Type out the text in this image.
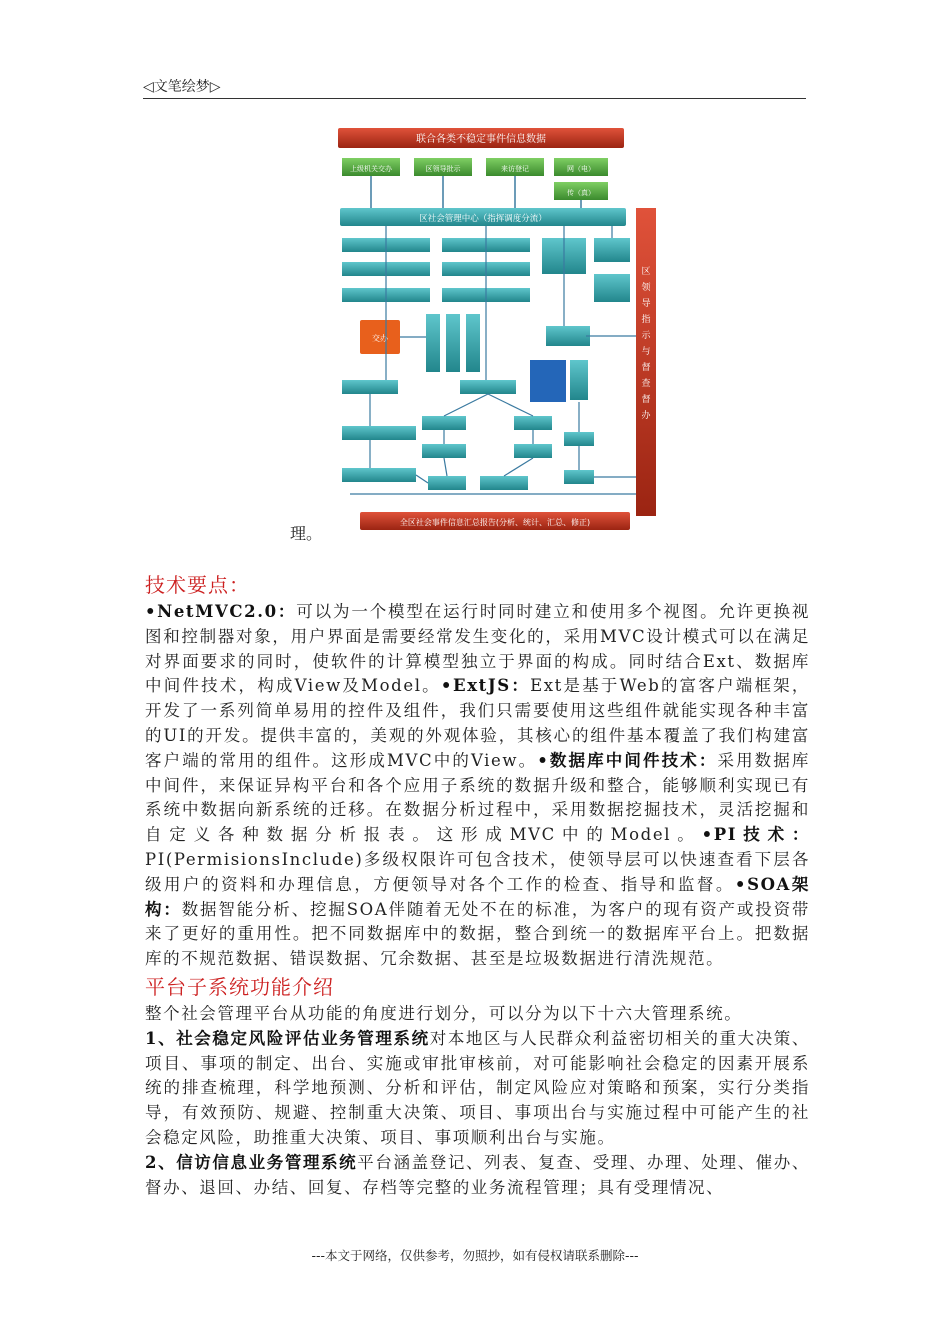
◁文笔绘梦▷
理。
联合各类不稳定事件信息数据
上级机关交办	区领导批示	来访登记	网（电）
传（真）
区社会管理中心（指挥调度分流）
交办
全区社会事件信息汇总报告(分析、统计、汇总、修正)
区
领
导
指
示
与
督
查
督
办
技术要点：

•NetMVC2.0：可以为一个模型在运行时同时建立和使用多个视图。允许更换视图和控制器对象，用户界面是需要经常发生变化的，采用MVC设计模式可以在满足对界面要求的同时，使软件的计算模型独立于界面的构成。同时结合Ext、数据库中间件技术，构成View及Model。•ExtJS：Ext是基于Web的富客户端框架，开发了一系列简单易用的控件及组件，我们只需要使用这些组件就能实现各种丰富的UI的开发。提供丰富的，美观的外观体验，其核心的组件基本覆盖了我们构建富客户端的常用的组件。这形成MVC中的View。•数据库中间件技术：采用数据库中间件，来保证异构平台和各个应用子系统的数据升级和整合，能够顺利实现已有系统中数据向新系统的迁移。在数据分析过程中，采用数据挖掘技术，灵活挖掘和自定义各种数据分析报表。这形成MVC中的Model。•PI技术：PI(PermisionsInclude)多级权限许可包含技术，使领导层可以快速查看下层各级用户的资料和办理信息，方便领导对各个工作的检查、指导和监督。•SOA架构：数据智能分析、挖掘SOA伴随着无处不在的标准，为客户的现有资产或投资带来了更好的重用性。把不同数据库中的数据，整合到统一的数据库平台上。把数据库的不规范数据、错误数据、冗余数据、甚至是垃圾数据进行清洗规范。

平台子系统功能介绍

整个社会管理平台从功能的角度进行划分，可以分为以下十六大管理系统。

1、社会稳定风险评估业务管理系统对本地区与人民群众利益密切相关的重大决策、项目、事项的制定、出台、实施或审批审核前，对可能影响社会稳定的因素开展系统的排查梳理，科学地预测、分析和评估，制定风险应对策略和预案，实行分类指导，有效预防、规避、控制重大决策、项目、事项出台与实施过程中可能产生的社会稳定风险，助推重大决策、项目、事项顺利出台与实施。

2、信访信息业务管理系统平台涵盖登记、列表、复查、受理、办理、处理、催办、督办、退回、办结、回复、存档等完整的业务流程管理；具有受理情况、

---本文于网络，仅供参考，勿照抄，如有侵权请联系删除---
